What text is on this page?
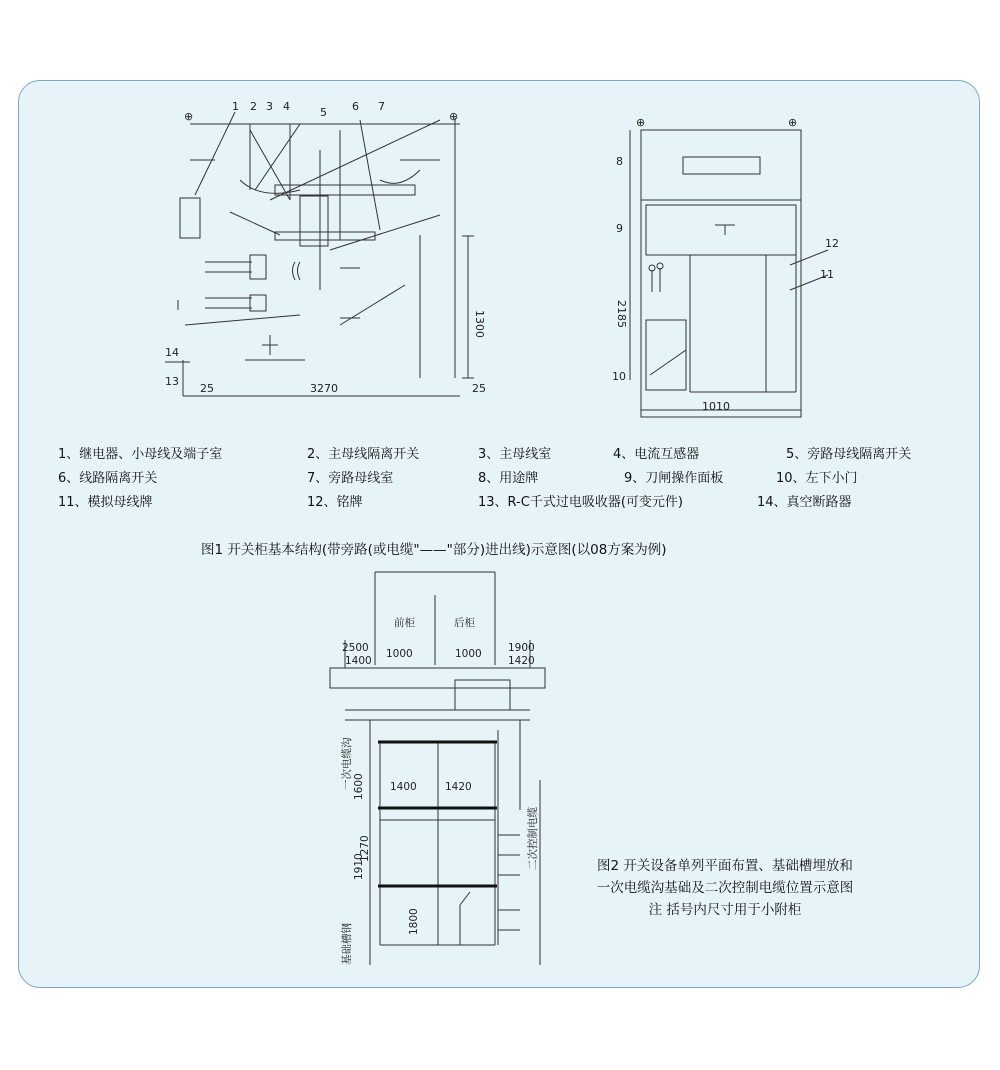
1 2 3 4	5 6 7
⊕	⊕
25	3270	25
14
13
1300
⊕	⊕
8
9
10
12
11
1010
2185
前柜	后柜
2500 1000	1000	1900
1400	1420
1400	1420
1270
1600
1800
1910
一次电缆沟
基础槽钢
二次控制电缆
1、继电器、小母线及端子室	2、主母线隔离开关	3、主母线室	4、电流互感器	5、旁路母线隔离开关
6、线路隔离开关	7、旁路母线室	8、用途牌	9、刀闸操作面板	10、左下小门
11、模拟母线牌	12、铭牌	13、R-C千式过电吸收器(可变元件)	14、真空断路器
图1 开关柜基本结构(带旁路(或电缆"——"部分)进出线)示意图(以08方案为例)
图2 开关设备单列平面布置、基础槽埋放和一次电缆沟基础及二次控制电缆位置示意图 注 括号内尺寸用于小附柜
